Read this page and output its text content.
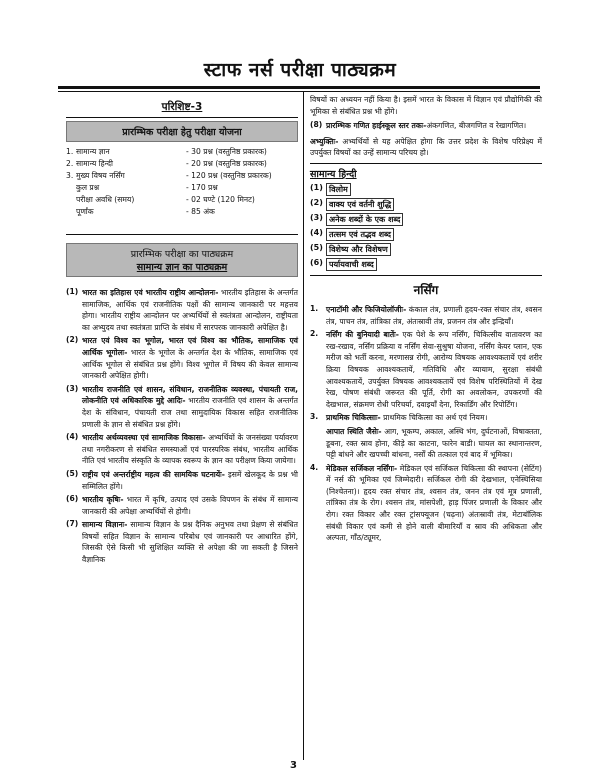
स्टाफ नर्स परीक्षा पाठ्यक्रम
परिशिष्ट-3
प्रारम्भिक परीक्षा हेतु परीक्षा योजना
1.	सामान्य ज्ञान	- 30 प्रश्न (वस्तुनिष्ठ प्रकारक)
2.	सामान्य हिन्दी	- 20 प्रश्न (वस्तुनिष्ठ प्रकारक)
3.	मुख्य विषय नर्सिंग	- 120 प्रश्न (वस्तुनिष्ठ प्रकारक)
	कुल प्रश्न	- 170 प्रश्न
	परीक्षा अवधि (समय)	- 02 घण्टे (120 मिनट)
	पूर्णांक	- 85 अंक
प्रारम्भिक परीक्षा का पाठ्यक्रम
सामान्य ज्ञान का पाठ्यक्रम
(1) भारत का इतिहास एवं भारतीय राष्ट्रीय आन्दोलनः- भारतीय इतिहास के अन्तर्गत सामाजिक, आर्थिक एवं राजनीतिक पक्षों की सामान्य जानकारी पर महत्तव होगा। भारतीय राष्ट्रीय आन्दोलन पर अभ्यर्थियों से स्वतंत्रता आन्दोलन, राष्ट्रीयता का अभ्युदय तथा स्वतंत्रता प्राप्ति के संबंध में सारपरक जानकारी अपेक्षित है।
(2) भारत एवं विश्व का भूगोल, भारत एवं विश्व का भौतिक, सामाजिक एवं आर्थिक भूगोलः- भारत के भूगोल के अन्तर्गत देश के भौतिक, सामाजिक एवं आर्थिक भूगोल से संबंधित प्रश्न होंगे। विश्व भूगोल में विषय की केवल सामान्य जानकारी अपेक्षित होगी।
(3) भारतीय राजनीति एवं शासन, संविधान, राजनीतिक व्यवस्था, पंचायती राज, लोकनीति एवं अधिकारिक मुद्दे आदिः- भारतीय राजनीति एवं शासन के अन्तर्गत देश के संविधान, पंचायती राज तथा सामुदायिक विकास सहित राजनीतिक प्रणाली के ज्ञान से संबंधित प्रश्न होंगे।
(4) भारतीय अर्थव्यवस्था एवं सामाजिक विकासः- अभ्यर्थियों के जनसंख्या पर्यावरण तथा नगरीकरण से संबंधित समस्याओं एवं पारस्परिक संबंध, भारतीय आर्थिक नीति एवं भारतीय संस्कृति के व्यापक स्वरूप के ज्ञान का परीक्षण किया जायेगा।
(5) राष्ट्रीय एवं अन्तर्राष्ट्रीय महत्व की सामयिक घटनायेंः- इसमें खेलकूद के प्रश्न भी सम्मिलित होंगे।
(6) भारतीय कृषिः- भारत में कृषि, उत्पाद एवं उसके विपणन के संबंध में सामान्य जानकारी की अपेक्षा अभ्यर्थियों से होगी।
(7) सामान्य विज्ञानः- सामान्य विज्ञान के प्रश्न दैनिक अनुभव तथा प्रेक्षण से संबंधित विषयों सहित विज्ञान के सामान्य परिबोध एवं जानकारी पर आधारित होंगे, जिसकी ऐसे किसी भी सुशिक्षित व्यक्ति से अपेक्षा की जा सकती है जिसने वैज्ञानिक
विषयों का अध्ययन नहीं किया है। इसमें भारत के विकास में विज्ञान एवं प्रौद्योगिकी की भूमिका से संबंधित प्रश्न भी होंगे।
(8) प्रारम्भिक गणित हाईस्कूल स्तर तकः-अंकगणित, बीजगणित व रेखागणित।
अभ्युक्तिः- अभ्यर्थियों से यह अपेक्षित होगा कि उत्तर प्रदेश के विशेष परिप्रेक्ष्य में उपर्युक्त विषयों का उन्हें सामान्य परिचय हो।
सामान्य हिन्दी
(1) विलोम
(2) वाक्य एवं वर्तनी शुद्धि
(3) अनेक शब्दों के एक शब्द
(4) तत्सम एवं तद्भव शब्द
(5) विशेष्य और विशेषण
(6) पर्यायवाची शब्द
नर्सिंग
1.	एनाटॉमी और फिजियोलॉजीः- कंकाल तंत्र, प्रणाली हृदय-रक्त संचार तंत्र, श्वसन तंत्र, पाचन तंत्र, तांत्रिका तंत्र, अंतःस्रावी तंत्र, प्रजनन तंत्र और इन्द्रियाँ।
2.	नर्सिंग की बुनियादी बातेंः- एक पेशे के रूप नर्सिंग, चिकित्सीय वातावरण का रख-रखाव, नर्सिंग प्रक्रिया व नर्सिंग सेवा-सुश्रुषा योजना, नर्सिंग केयर प्लान, एक मरीज को भर्ती करना, मरणासन्न रोगी, आरोग्य विषयक आवश्यकतायें एवं शरीर क्रिया विषयक आवश्यकतायें, गतिविधि और व्यायाम, सुरक्षा संबंधी आवश्यकतायें, उपर्युक्त विषयक आवश्यकतायें एवं विशेष परिस्थितियों में देख रेख, पोषण संबंधी जरूरत की पूर्ति, रोगी का अवलोकन, उपकरणों की देखभाल, संक्रमण रोधी परिचर्या, दवाइयाँ देना, रिकार्डिंग और रिपोर्टिंग।
3.	प्राथमिक चिकित्साः- प्राथमिक चिकित्सा का अर्थ एवं नियम।
आपात स्थिति जैसेः- आग, भूकम्प, अकाल, अस्थि भंग, दुर्घटनाओं, विषाक्तता, डूबना, रक्त स्राव होना, कीड़े का काटना, फारेन बाडी। घायल का स्थानान्तरण, पट्टी बांधने और खपच्ची बांधना, नर्सों की तत्काल एवं बाद में भूमिका।
4.	मेडिकल सर्जिकल नर्सिंगः- मेडिकल एवं सर्जिकल चिकित्सा की स्थापना (सेटिंग) में नर्स की भूमिका एवं जिम्मेदारी। सर्जिकल रोगी की देखभाल, एनेस्थिसिया (निश्चेतना)। हृदय रक्त संचार तंत्र, श्वसन तंत्र, जनन तंत्र एवं मूत्र प्रणाली, तांत्रिका तंत्र के रोग। श्वसन तंत्र, मांसपेशी, हाड़ पिंजर प्रणाली के विकार और रोग। रक्त विकार और रक्त ट्रांसफ्यूजन (चढ़ना) अंतःस्रावी तंत्र, मेटाबॉलिक संबंधी विकार एवं कमी से होने वाली बीमारियाँ व स्राव की अधिकता और अल्पता, गाँठ/ट्यूमर,
3
